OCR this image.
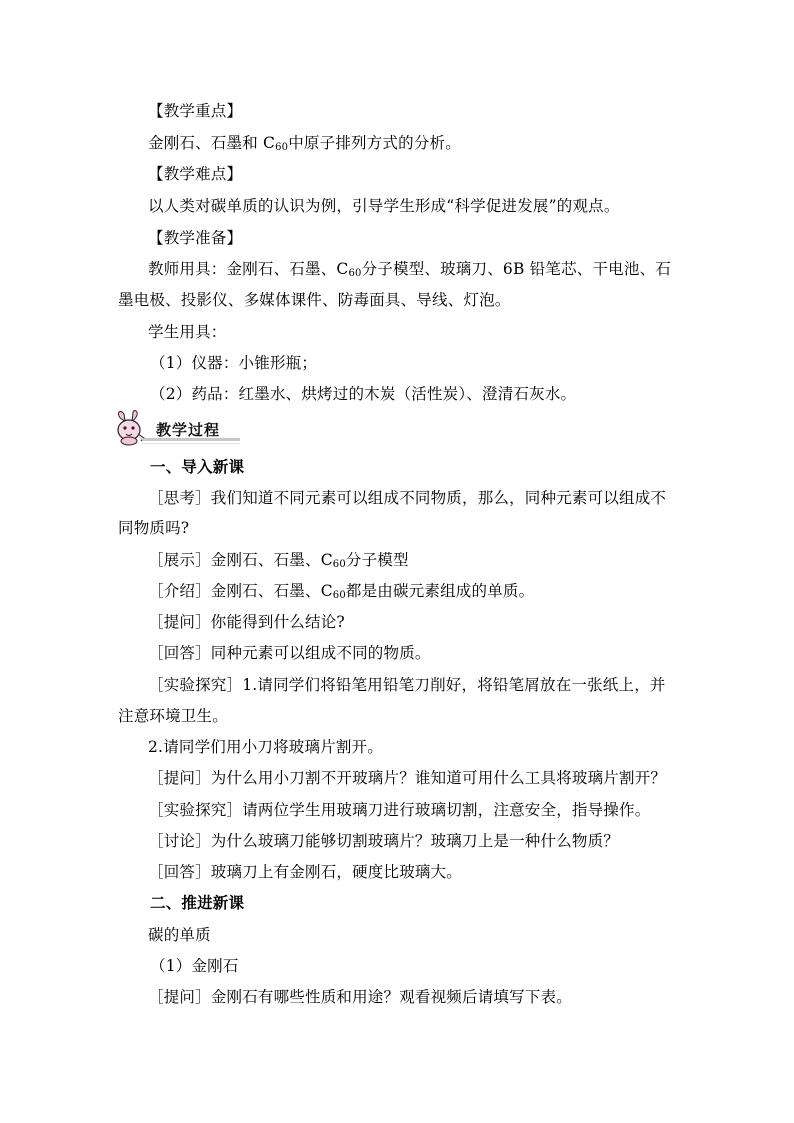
【教学重点】
金刚石、石墨和 $C_{60}$中原子排列方式的分析。
【教学难点】
以人类对碳单质的认识为例，引导学生形成“科学促进发展”的观点。
【教学准备】
教师用具：金刚石、石墨、$C_{60}$分子模型、玻璃刀、6B 铅笔芯、干电池、石
墨电极、投影仪、多媒体课件、防毒面具、导线、灯泡。
学生用具：
（1）仪器：小锥形瓶；
（2）药品：红墨水、烘烤过的木炭（活性炭）、澄清石灰水。
教学过程
一、导入新课
［思考］我们知道不同元素可以组成不同物质，那么，同种元素可以组成不
同物质吗?
［展示］金刚石、石墨、$C_{60}$分子模型
［介绍］金刚石、石墨、$C_{60}$都是由碳元素组成的单质。
［提问］你能得到什么结论?
［回答］同种元素可以组成不同的物质。
［实验探究］1.请同学们将铅笔用铅笔刀削好，将铅笔屑放在一张纸上，并
注意环境卫生。
2.请同学们用小刀将玻璃片割开。
［提问］为什么用小刀割不开玻璃片？谁知道可用什么工具将玻璃片割开？
［实验探究］请两位学生用玻璃刀进行玻璃切割，注意安全，指导操作。
［讨论］为什么玻璃刀能够切割玻璃片？玻璃刀上是一种什么物质？
［回答］玻璃刀上有金刚石，硬度比玻璃大。
二、推进新课
碳的单质
（1）金刚石
［提问］金刚石有哪些性质和用途？观看视频后请填写下表。
